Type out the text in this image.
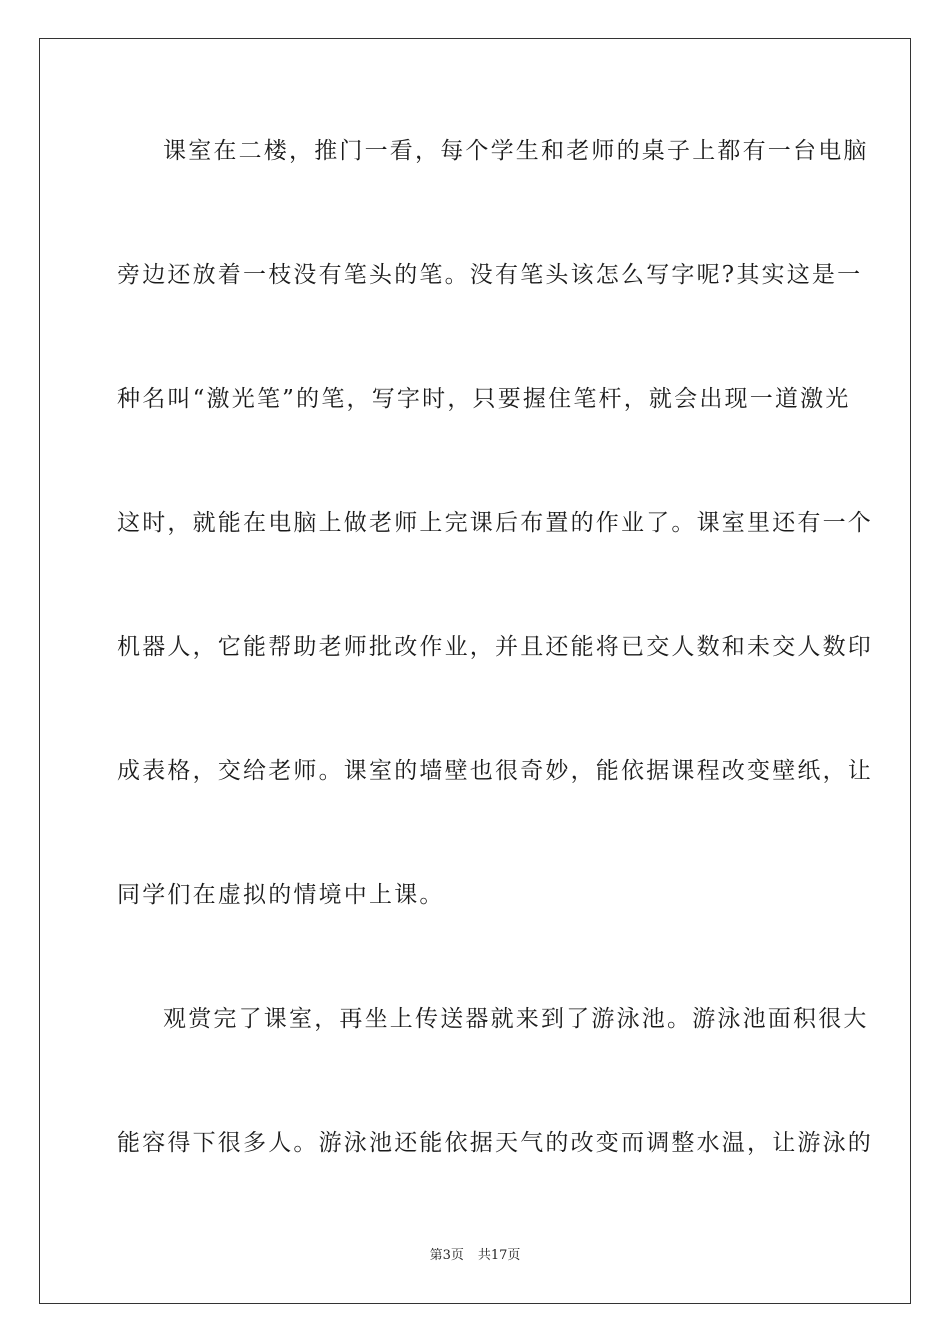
课室在二楼，推门一看，每个学生和老师的桌子上都有一台电脑
旁边还放着一枝没有笔头的笔。没有笔头该怎么写字呢?其实这是一
种名叫“激光笔”的笔，写字时，只要握住笔杆，就会出现一道激光
这时，就能在电脑上做老师上完课后布置的作业了。课室里还有一个
机器人，它能帮助老师批改作业，并且还能将已交人数和未交人数印
成表格，交给老师。课室的墙壁也很奇妙，能依据课程改变壁纸，让
同学们在虚拟的情境中上课。
观赏完了课室，再坐上传送器就来到了游泳池。游泳池面积很大
能容得下很多人。游泳池还能依据天气的改变而调整水温，让游泳的
第3页 共17页
